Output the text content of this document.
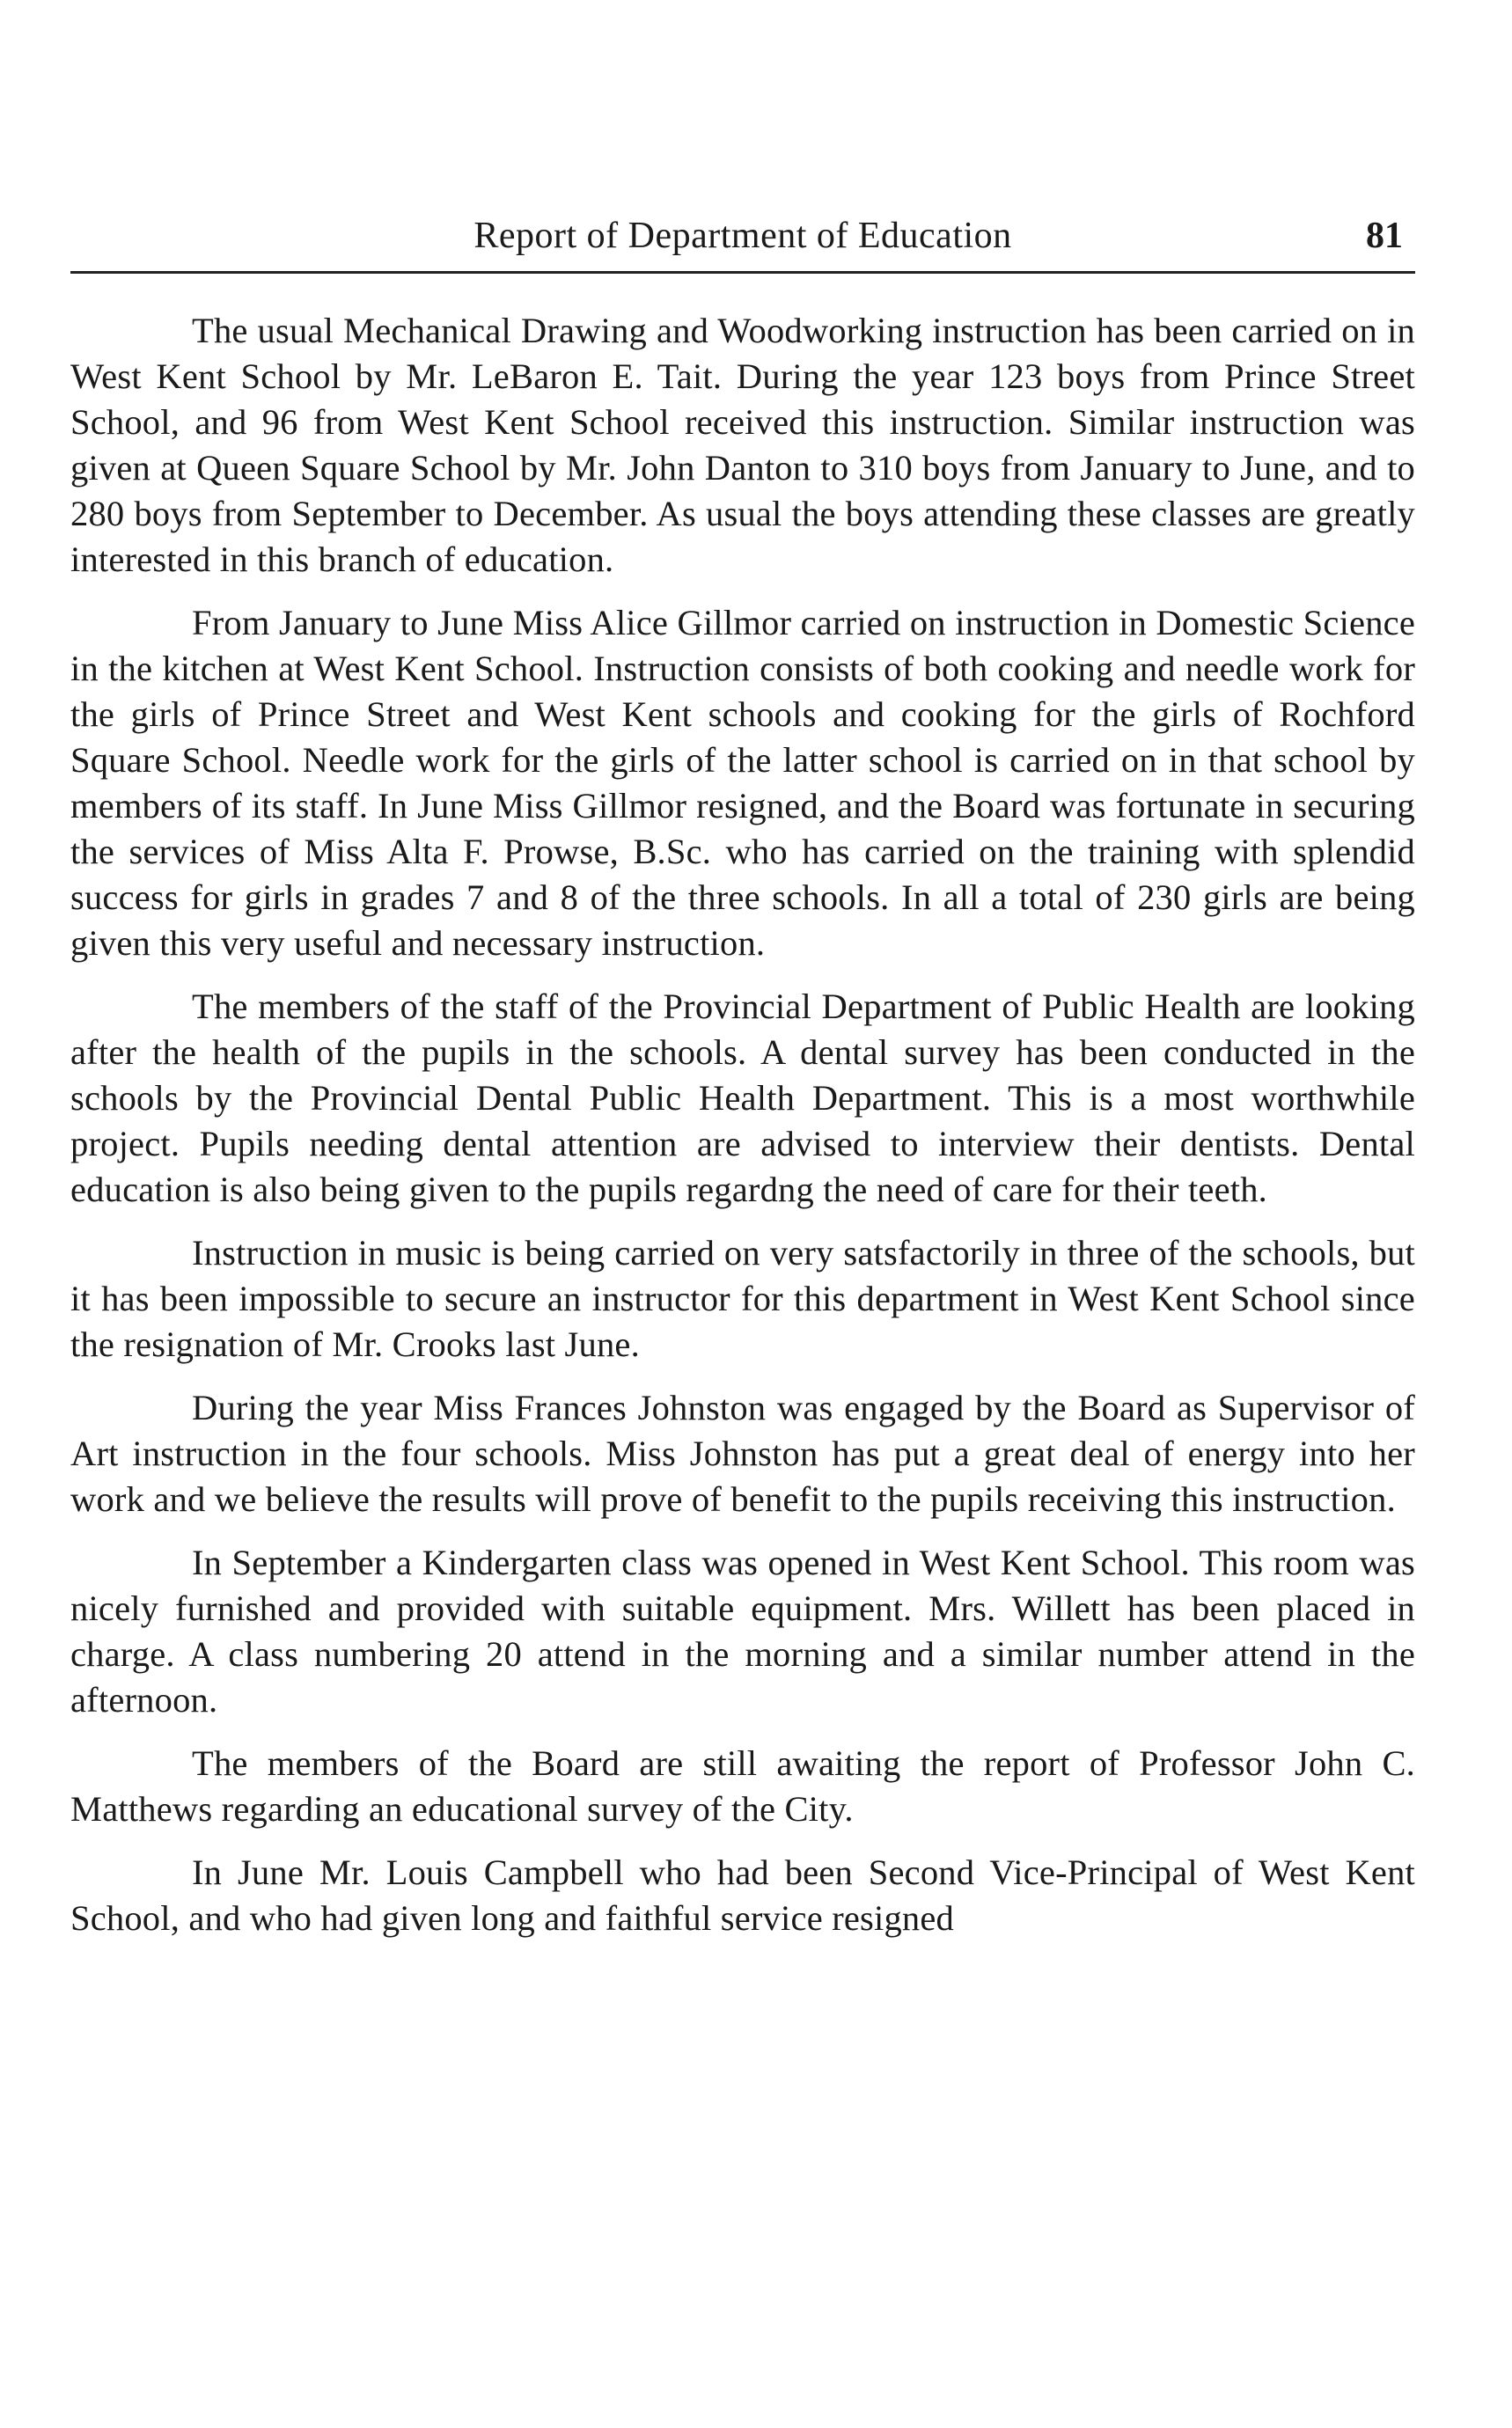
Report of Department of Education	81

The usual Mechanical Drawing and Woodworking instruction has been carried on in West Kent School by Mr. LeBaron E. Tait. During the year 123 boys from Prince Street School, and 96 from West Kent School received this instruction. Similar instruction was given at Queen Square School by Mr. John Danton to 310 boys from January to June, and to 280 boys from September to December. As usual the boys attending these classes are greatly interested in this branch of education.

From January to June Miss Alice Gillmor carried on instruction in Domestic Science in the kitchen at West Kent School. Instruction consists of both cooking and needle work for the girls of Prince Street and West Kent schools and cooking for the girls of Rochford Square School. Needle work for the girls of the latter school is carried on in that school by members of its staff. In June Miss Gillmor resigned, and the Board was fortunate in securing the services of Miss Alta F. Prowse, B.Sc. who has carried on the training with splendid success for girls in grades 7 and 8 of the three schools. In all a total of 230 girls are being given this very useful and necessary instruction.

The members of the staff of the Provincial Department of Public Health are looking after the health of the pupils in the schools. A dental survey has been conducted in the schools by the Provincial Dental Public Health Department. This is a most worthwhile project. Pupils needing dental attention are advised to interview their dentists. Dental education is also being given to the pupils regardng the need of care for their teeth.

Instruction in music is being carried on very satsfactorily in three of the schools, but it has been impossible to secure an instructor for this department in West Kent School since the resignation of Mr. Crooks last June.

During the year Miss Frances Johnston was engaged by the Board as Supervisor of Art instruction in the four schools. Miss Johnston has put a great deal of energy into her work and we believe the results will prove of benefit to the pupils receiving this instruction.

In September a Kindergarten class was opened in West Kent School. This room was nicely furnished and provided with suitable equipment. Mrs. Willett has been placed in charge. A class numbering 20 attend in the morning and a similar number attend in the afternoon.

The members of the Board are still awaiting the report of Professor John C. Matthews regarding an educational survey of the City.

In June Mr. Louis Campbell who had been Second Vice-Principal of West Kent School, and who had given long and faithful service resigned
